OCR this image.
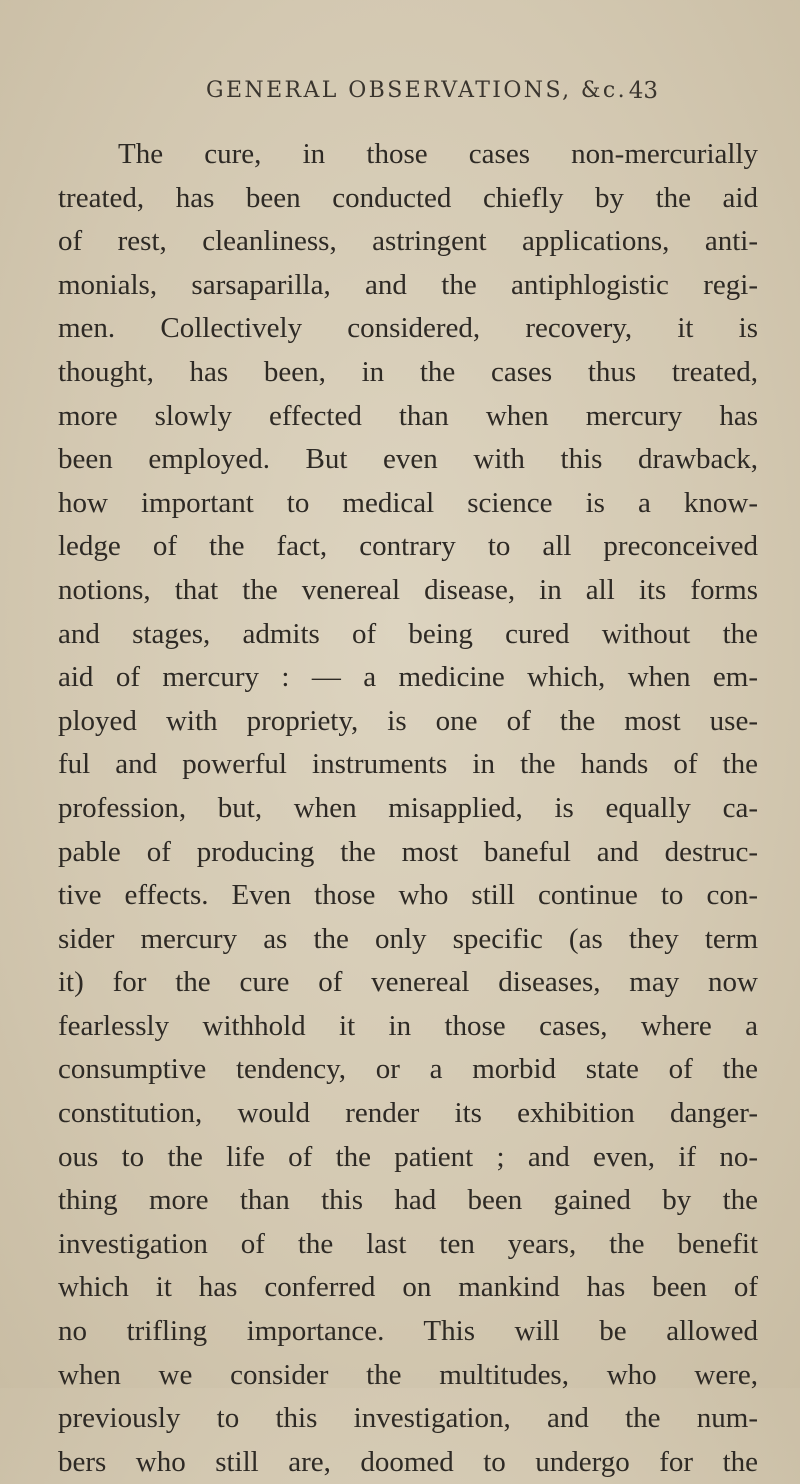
GENERAL OBSERVATIONS, &c. 43
The cure, in those cases non-mercurially
treated, has been conducted chiefly by the aid
of rest, cleanliness, astringent applications, anti-
monials, sarsaparilla, and the antiphlogistic regi-
men. Collectively considered, recovery, it is
thought, has been, in the cases thus treated,
more slowly effected than when mercury has
been employed. But even with this drawback,
how important to medical science is a know-
ledge of the fact, contrary to all preconceived
notions, that the venereal disease, in all its forms
and stages, admits of being cured without the
aid of mercury : — a medicine which, when em-
ployed with propriety, is one of the most use-
ful and powerful instruments in the hands of the
profession, but, when misapplied, is equally ca-
pable of producing the most baneful and destruc-
tive effects. Even those who still continue to con-
sider mercury as the only specific (as they term
it) for the cure of venereal diseases, may now
fearlessly withhold it in those cases, where a
consumptive tendency, or a morbid state of the
constitution, would render its exhibition danger-
ous to the life of the patient ; and even, if no-
thing more than this had been gained by the
investigation of the last ten years, the benefit
which it has conferred on mankind has been of
no trifling importance. This will be allowed
when we consider the multitudes, who were,
previously to this investigation, and the num-
bers who still are, doomed to undergo for the
